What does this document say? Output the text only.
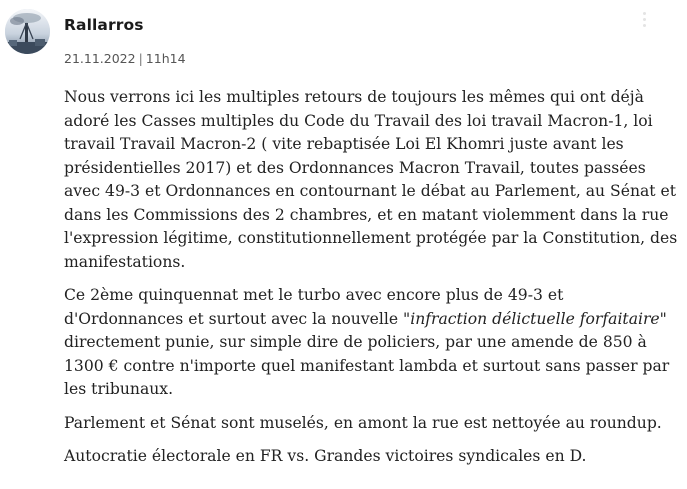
Rallarros
21.11.2022 | 11h14

Nous verrons ici les multiples retours de toujours les mêmes qui ont déjà adoré les Casses multiples du Code du Travail des loi travail Macron-1, loi travail Travail Macron-2 ( vite rebaptisée Loi El Khomri juste avant les présidentielles 2017) et des Ordonnances Macron Travail, toutes passées avec 49-3 et Ordonnances en contournant le débat au Parlement, au Sénat et dans les Commissions des 2 chambres, et en matant violemment dans la rue l'expression légitime, constitutionnellement protégée par la Constitution, des manifestations.

Ce 2ème quinquennat met le turbo avec encore plus de 49-3 et d'Ordonnances et surtout avec la nouvelle "infraction délictuelle forfaitaire" directement punie, sur simple dire de policiers, par une amende de 850 à 1300 € contre n'importe quel manifestant lambda et surtout sans passer par les tribunaux.

Parlement et Sénat sont muselés, en amont la rue est nettoyée au roundup.

Autocratie électorale en FR vs. Grandes victoires syndicales en D.
